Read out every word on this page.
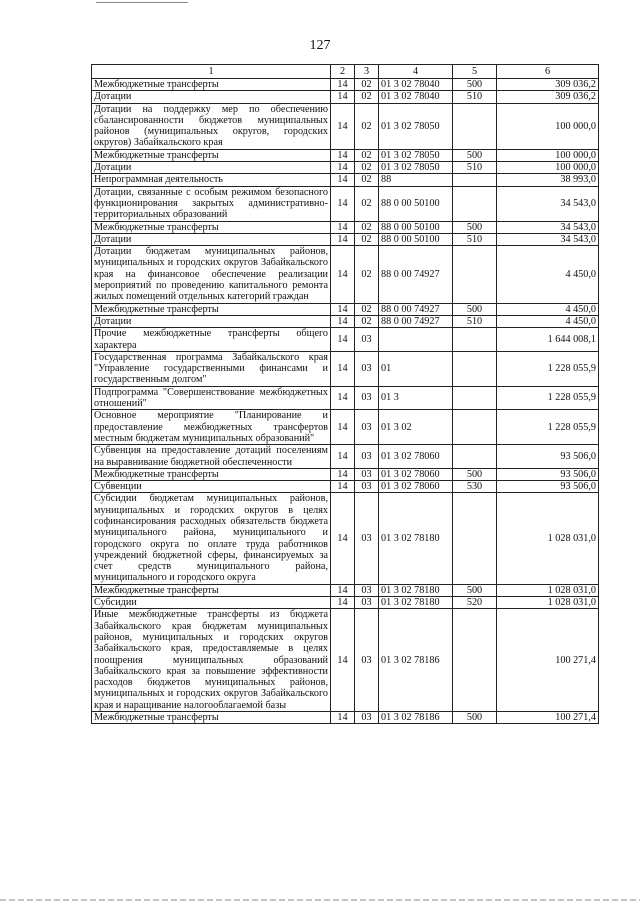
127
1	2	3	4	5	6
Межбюджетные трансферты	14	02	01 3 02 78040	500	309 036,2
Дотации	14	02	01 3 02 78040	510	309 036,2
Дотации на поддержку мер по обеспечению сбалансированности бюджетов муниципальных районов (муниципальных округов, городских округов) Забайкальского края	14	02	01 3 02 78050		100 000,0
Межбюджетные трансферты	14	02	01 3 02 78050	500	100 000,0
Дотации	14	02	01 3 02 78050	510	100 000,0
Непрограммная деятельность	14	02	88		38 993,0
Дотации, связанные с особым режимом безопасного функционирования закрытых административно-территориальных образований	14	02	88 0 00 50100		34 543,0
Межбюджетные трансферты	14	02	88 0 00 50100	500	34 543,0
Дотации	14	02	88 0 00 50100	510	34 543,0
Дотации бюджетам муниципальных районов, муниципальных и городских округов Забайкальского края на финансовое обеспечение реализации мероприятий по проведению капитального ремонта жилых помещений отдельных категорий граждан	14	02	88 0 00 74927		4 450,0
Межбюджетные трансферты	14	02	88 0 00 74927	500	4 450,0
Дотации	14	02	88 0 00 74927	510	4 450,0
Прочие межбюджетные трансферты общего характера	14	03			1 644 008,1
Государственная программа Забайкальского края "Управление государственными финансами и государственным долгом"	14	03	01		1 228 055,9
Подпрограмма "Совершенствование межбюджетных отношений"	14	03	01 3		1 228 055,9
Основное мероприятие "Планирование и предоставление межбюджетных трансфертов местным бюджетам муниципальных образований"	14	03	01 3 02		1 228 055,9
Субвенция на предоставление дотаций поселениям на выравнивание бюджетной обеспеченности	14	03	01 3 02 78060		93 506,0
Межбюджетные трансферты	14	03	01 3 02 78060	500	93 506,0
Субвенции	14	03	01 3 02 78060	530	93 506,0
Субсидии бюджетам муниципальных районов, муниципальных и городских округов в целях софинансирования расходных обязательств бюджета муниципального района, муниципального и городского округа по оплате труда работников учреждений бюджетной сферы, финансируемых за счет средств муниципального района, муниципального и городского округа	14	03	01 3 02 78180		1 028 031,0
Межбюджетные трансферты	14	03	01 3 02 78180	500	1 028 031,0
Субсидии	14	03	01 3 02 78180	520	1 028 031,0
Иные межбюджетные трансферты из бюджета Забайкальского края бюджетам муниципальных районов, муниципальных и городских округов Забайкальского края, предоставляемые в целях поощрения муниципальных образований Забайкальского края за повышение эффективности расходов бюджетов муниципальных районов, муниципальных и городских округов Забайкальского края и наращивание налогооблагаемой базы	14	03	01 3 02 78186		100 271,4
Межбюджетные трансферты	14	03	01 3 02 78186	500	100 271,4
